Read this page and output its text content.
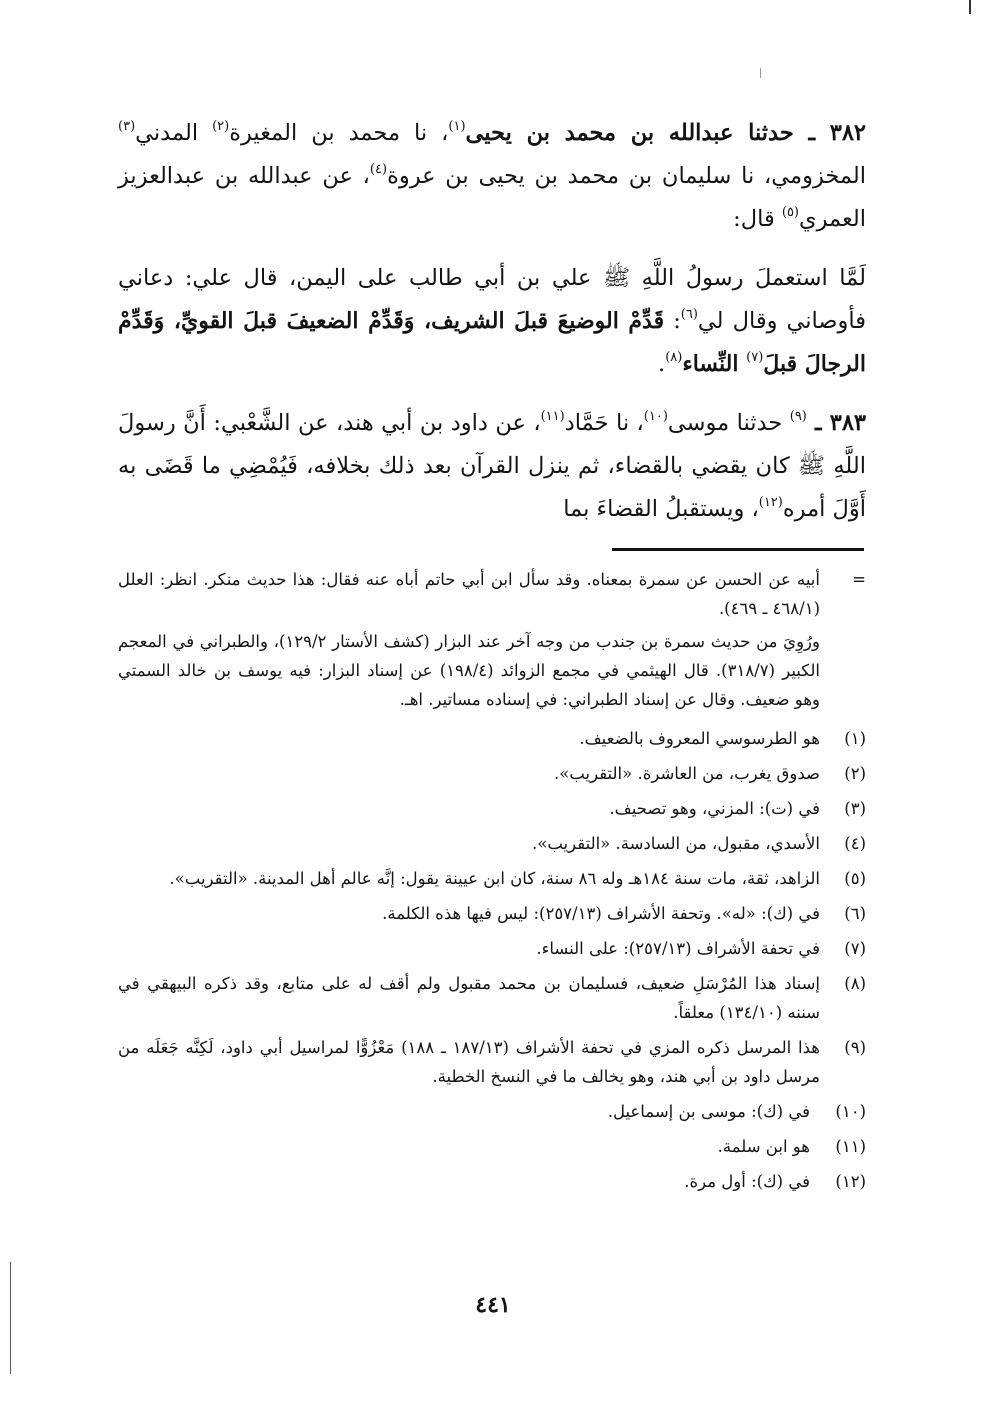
٣٨٢ ـ حدثنا عبدالله بن محمد بن يحيى$^{(١)}$، نا محمد بن المغيرة$^{(٢)}$ المدني$^{(٣)}$ المخزومي، نا سليمان بن محمد بن يحيى بن عروة$^{(٤)}$، عن عبدالله بن عبدالعزيز العمري$^{(٥)}$ قال:

لَمَّا استعملَ رسولُ اللَّهِ ﷺ علي بن أبي طالب على اليمن، قال علي: دعاني فأوصاني وقال لي$^{(٦)}$: قَدِّمْ الوضيعَ قبلَ الشريف، وَقَدِّمْ الضعيفَ قبلَ القويِّ، وَقَدِّمْ الرجالَ قبلَ$^{(٧)}$ النِّساء$^{(٨)}$.

٣٨٣ ـ $^{(٩)}$ حدثنا موسى$^{(١٠)}$، نا حَمَّاد$^{(١١)}$، عن داود بن أبي هند، عن الشَّعْبي: أَنَّ رسولَ اللَّهِ ﷺ كان يقضي بالقضاء، ثم ينزل القرآن بعد ذلك بخلافه، فَيُمْضِي ما قَضَى به أَوَّلَ أمره$^{(١٢)}$، ويستقبلُ القضاءَ بما

=

أبيه عن الحسن عن سمرة بمعناه. وقد سأل ابن أبي حاتم أباه عنه فقال: هذا حديث منكر. انظر: العلل (٤٦٨/١ ـ ٤٦٩).

ورُوِيَ من حديث سمرة بن جندب من وجه آخر عند البزار (كشف الأستار ١٢٩/٢)، والطبراني في المعجم الكبير (٣١٨/٧). قال الهيثمي في مجمع الزوائد (١٩٨/٤) عن إسناد البزار: فيه يوسف بن خالد السمتي وهو ضعيف. وقال عن إسناد الطبراني: في إسناده مساتير. اهـ.

(١)
هو الطرسوسي المعروف بالضعيف.
(٢)
صدوق يغرب، من العاشرة. «التقريب».
(٣)
في (ت): المزني، وهو تصحيف.
(٤)
الأسدي، مقبول، من السادسة. «التقريب».
(٥)
الزاهد، ثقة، مات سنة ١٨٤هـ وله ٨٦ سنة، كان ابن عيينة يقول: إنَّه عالم أهل المدينة. «التقريب».
(٦)
في (ك): «له». وتحفة الأشراف (٢٥٧/١٣): ليس فيها هذه الكلمة.
(٧)
في تحفة الأشراف (٢٥٧/١٣): على النساء.
(٨)
إسناد هذا المُرْسَلِ ضعيف، فسليمان بن محمد مقبول ولم أقف له على متابع، وقد ذكره البيهقي في سننه (١٣٤/١٠) معلقاً.
(٩)
هذا المرسل ذكره المزي في تحفة الأشراف (١٨٧/١٣ ـ ١٨٨) مَعْزُوًّا لمراسيل أبي داود، لَكِنَّه جَعَلَه من مرسل داود بن أبي هند، وهو يخالف ما في النسخ الخطية.
(١٠)
في (ك): موسى بن إسماعيل.
(١١)
هو ابن سلمة.
(١٢)
في (ك): أول مرة.
٤٤١
